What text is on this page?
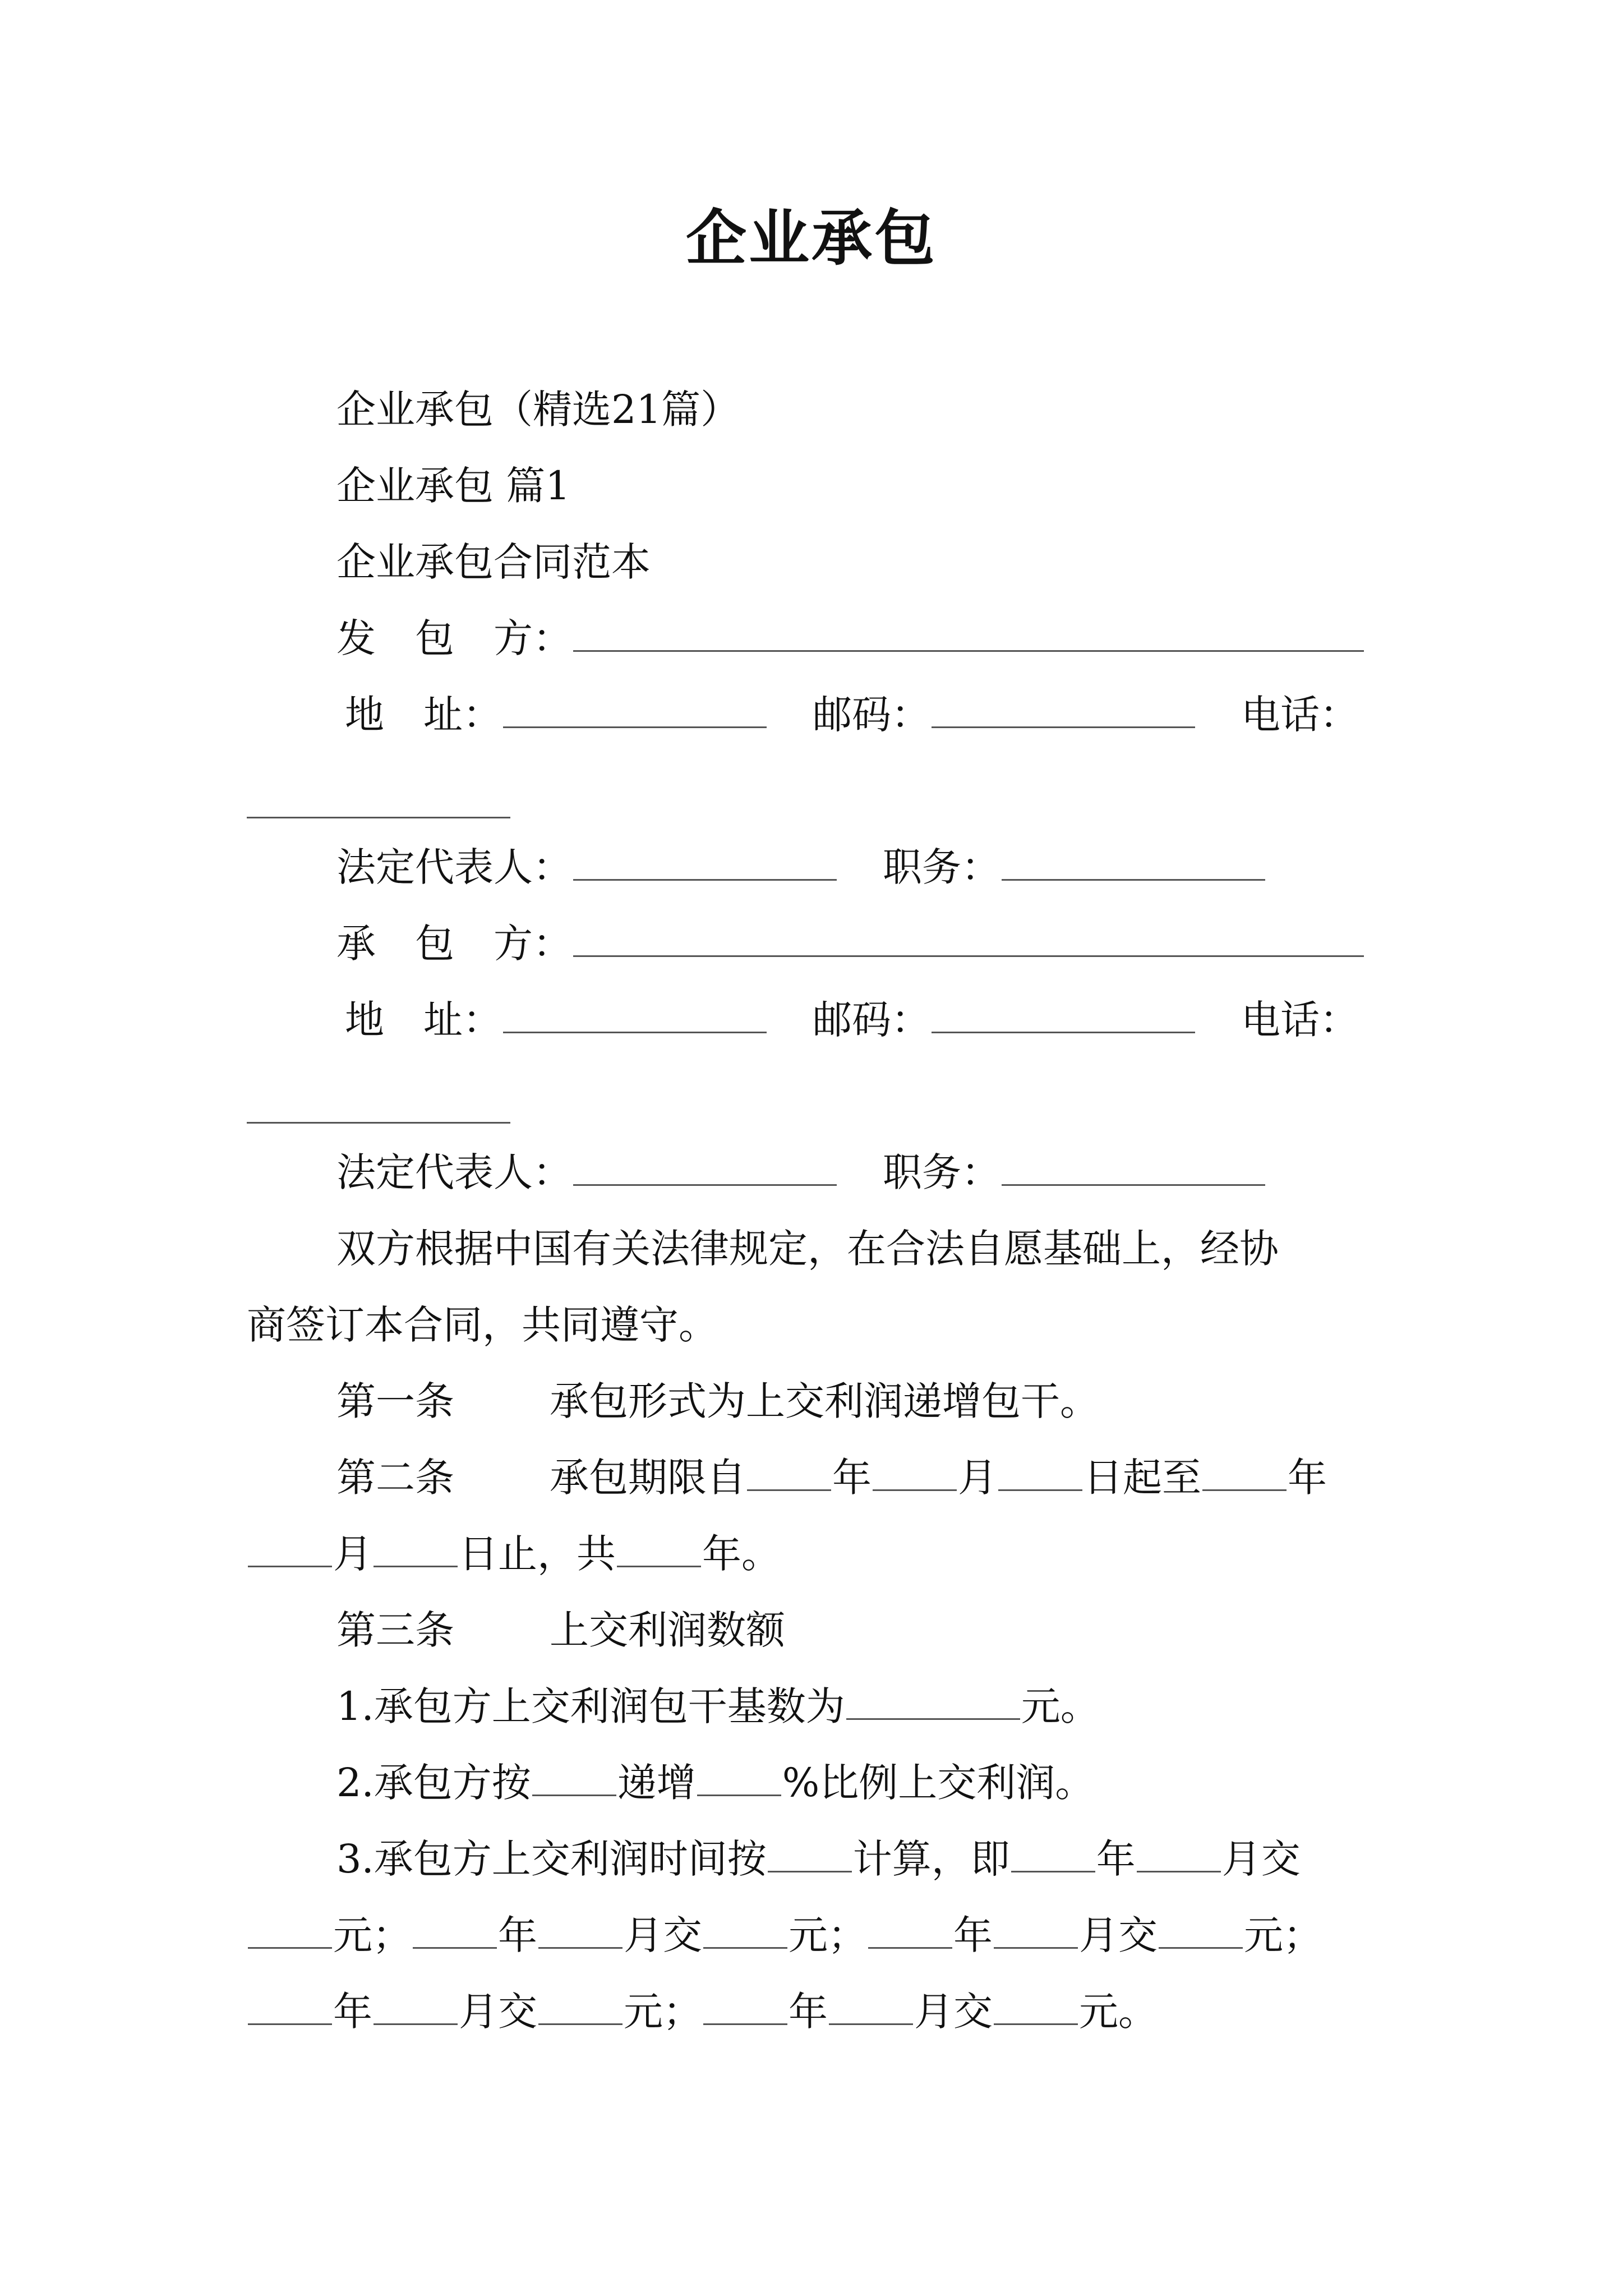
企业承包
企业承包（精选21篇）
企业承包 篇1
企业承包合同范本
发　包　方：
地　址：	邮码：	电话：
法定代表人：	职务：
承　包　方：
地　址：	邮码：	电话：
法定代表人：	职务：
双方根据中国有关法律规定，在合法自愿基础上，经协
商签订本合同，共同遵守。
第一条 承包形式为上交利润递增包干。
第二条 承包期限自 年 月 日起至 年
月 日止，共 年。
第三条 上交利润数额
1.承包方上交利润包干基数为	元。
2.承包方按 递增 %比例上交利润。
3.承包方上交利润时间按 计算，即 年 月交
元； 年 月交 元； 年 月交 元；
年 月交 元； 年 月交 元。
